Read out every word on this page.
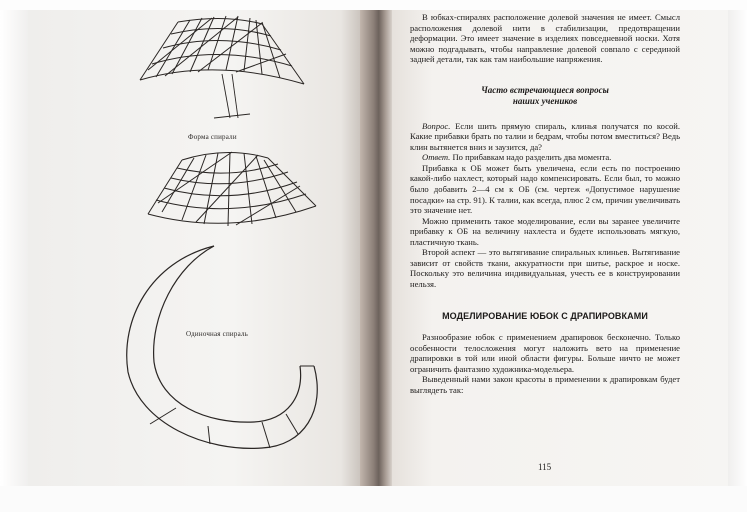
Форма спирали
Одиночная спираль

В юбках-спиралях расположение долевой значения не имеет. Смысл расположения долевой нити в стабилизации, предотвращении деформации. Это имеет значение в изделиях повседневной носки. Хотя можно подгадывать, чтобы направление долевой совпало с серединой задней детали, так как там наибольшие напряжения.

Часто встречающиеся вопросы
наших учеников

Вопрос. Если шить прямую спираль, клинья получатся по косой. Какие прибавки брать по талии и бедрам, чтобы потом вместиться? Ведь клин вытянется вниз и заузится, да?

Ответ. По прибавкам надо разделить два момента.

Прибавка к ОБ может быть увеличена, если есть по построению какой-либо нахлест, который надо компенсировать. Если был, то можно было добавить 2—4 см к ОБ (см. чертеж «Допустимое нарушение посадки» на стр. 91). К талии, как всегда, плюс 2 см, причин увеличивать это значение нет.

Можно применить такое моделирование, если вы заранее увеличите прибавку к ОБ на величину нахлеста и будете использовать мягкую, пластичную ткань.

Второй аспект — это вытягивание спиральных клиньев. Вытягивание зависит от свойств ткани, аккуратности при шитье, раскрое и носке. Поскольку это величина индивидуальная, учесть ее в конструировании нельзя.

МОДЕЛИРОВАНИЕ ЮБОК С ДРАПИРОВКАМИ

Разнообразие юбок с применением драпировок бесконечно. Только особенности телосложения могут наложить вето на применение драпировки в той или иной области фигуры. Больше ничто не может ограничить фантазию художника-модельера.

Выведенный нами закон красоты в применении к драпировкам будет выглядеть так:

115
